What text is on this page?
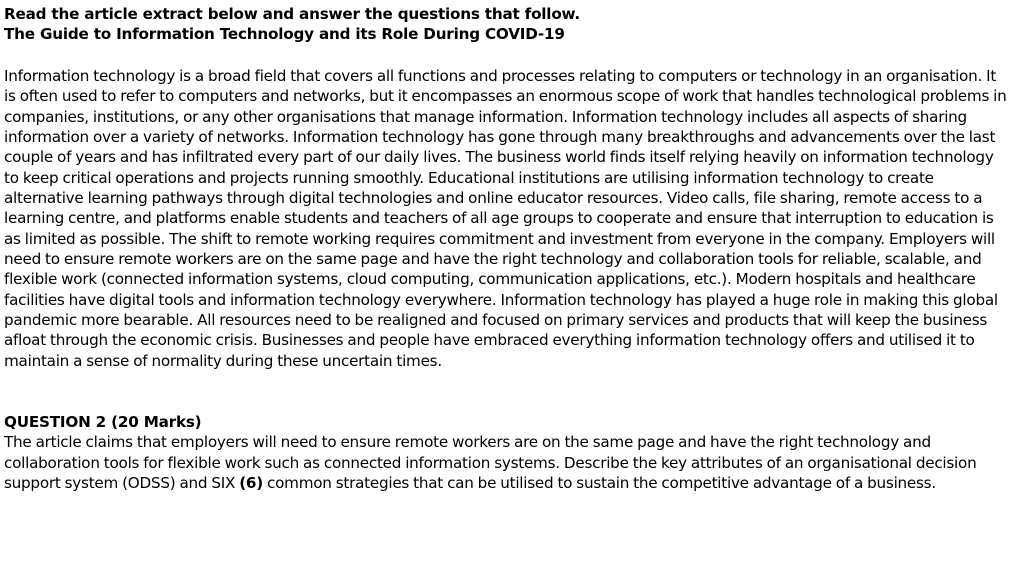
Read the article extract below and answer the questions that follow.

The Guide to Information Technology and its Role During COVID-19

Information technology is a broad field that covers all functions and processes relating to computers or technology in an organisation. It is often used to refer to computers and networks, but it encompasses an enormous scope of work that handles technological problems in companies, institutions, or any other organisations that manage information. Information technology includes all aspects of sharing information over a variety of networks. Information technology has gone through many breakthroughs and advancements over the last couple of years and has infiltrated every part of our daily lives. The business world finds itself relying heavily on information technology to keep critical operations and projects running smoothly. Educational institutions are utilising information technology to create alternative learning pathways through digital technologies and online educator resources. Video calls, file sharing, remote access to a learning centre, and platforms enable students and teachers of all age groups to cooperate and ensure that interruption to education is as limited as possible. The shift to remote working requires commitment and investment from everyone in the company. Employers will need to ensure remote workers are on the same page and have the right technology and collaboration tools for reliable, scalable, and flexible work (connected information systems, cloud computing, communication applications, etc.). Modern hospitals and healthcare facilities have digital tools and information technology everywhere. Information technology has played a huge role in making this global pandemic more bearable. All resources need to be realigned and focused on primary services and products that will keep the business afloat through the economic crisis. Businesses and people have embraced everything information technology offers and utilised it to maintain a sense of normality during these uncertain times.

QUESTION 2 (20 Marks)

The article claims that employers will need to ensure remote workers are on the same page and have the right technology and collaboration tools for flexible work such as connected information systems. Describe the key attributes of an organisational decision support system (ODSS) and SIX (6) common strategies that can be utilised to sustain the competitive advantage of a business.
